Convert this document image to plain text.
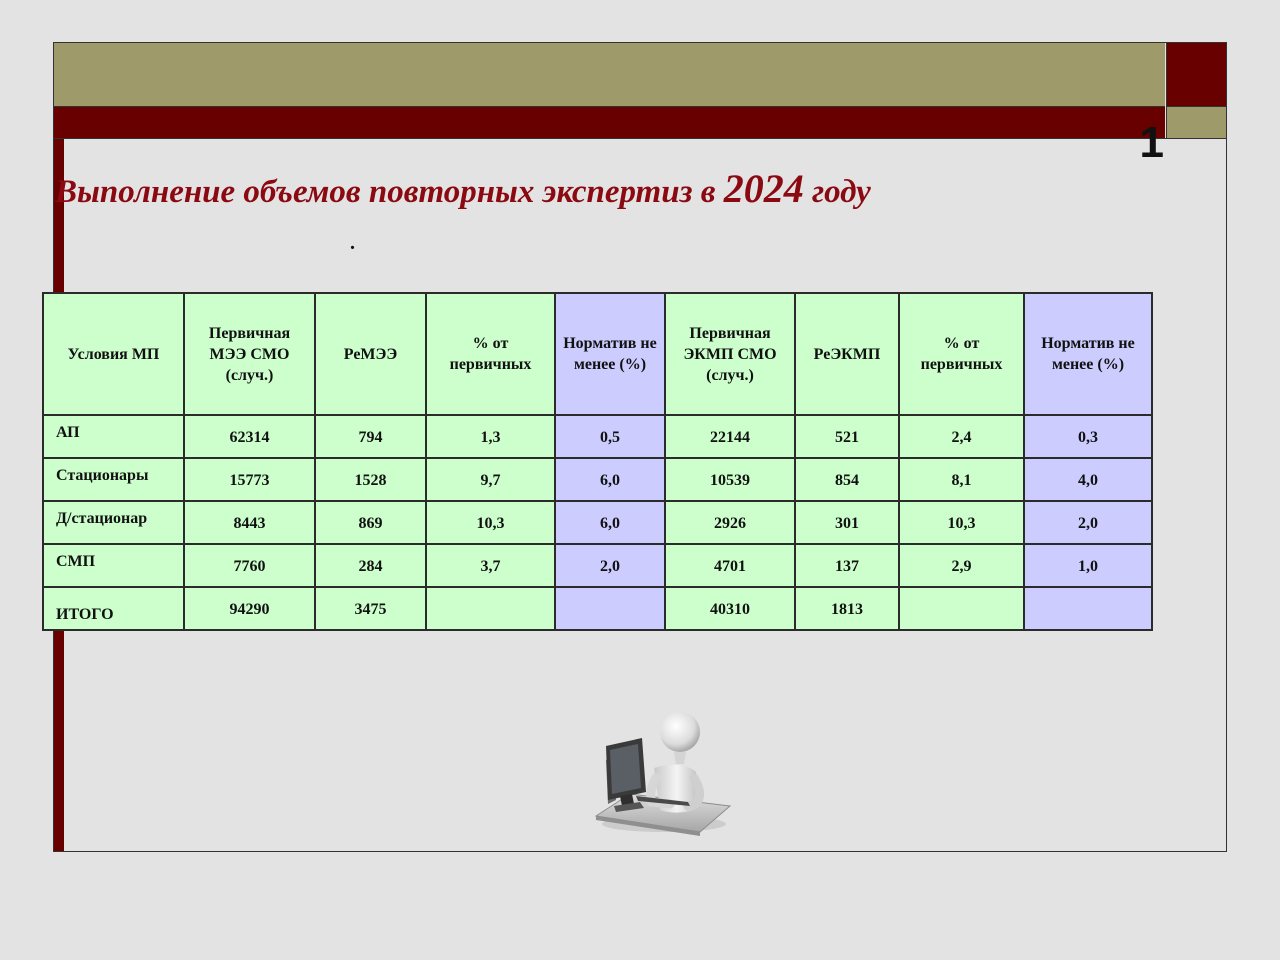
1
Выполнение объемов повторных экспертиз в 2024 году
.
Условия МП	Первичная МЭЭ СМО (случ.)	РеМЭЭ	% от первичных	Норматив не менее (%)	Первичная ЭКМП СМО (случ.)	РеЭКМП	% от первичных	Норматив не менее (%)
АП	62314	794	1,3	0,5	22144	521	2,4	0,3
Стационары	15773	1528	9,7	6,0	10539	854	8,1	4,0
Д/стационар	8443	869	10,3	6,0	2926	301	10,3	2,0
СМП	7760	284	3,7	2,0	4701	137	2,9	1,0
ИТОГО	94290	3475			40310	1813		
